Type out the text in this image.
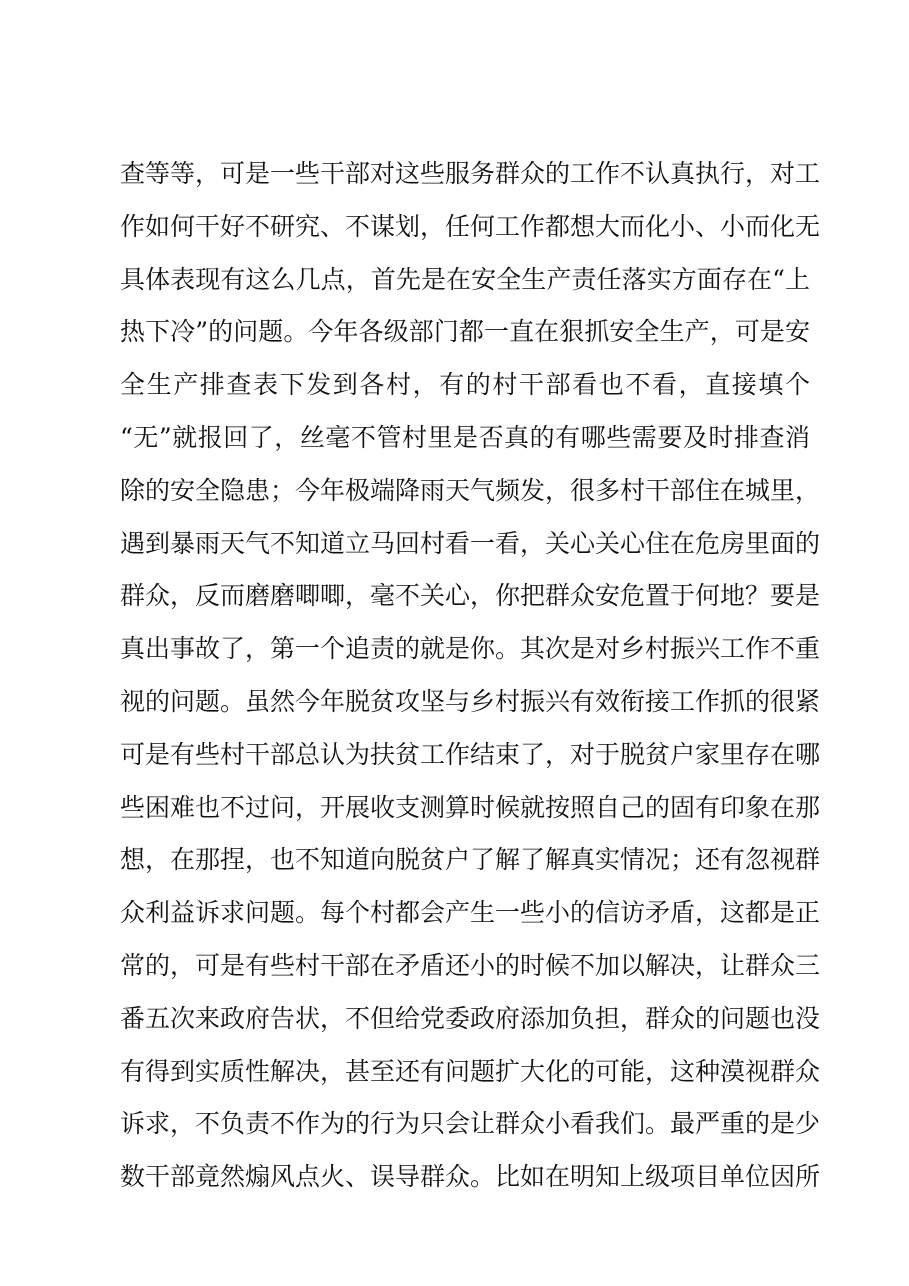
查等等，可是一些干部对这些服务群众的工作不认真执行，对工
作如何干好不研究、不谋划，任何工作都想大而化小、小而化无
具体表现有这么几点，首先是在安全生产责任落实方面存在“上
热下冷”的问题。今年各级部门都一直在狠抓安全生产，可是安
全生产排查表下发到各村，有的村干部看也不看，直接填个
“无”就报回了，丝毫不管村里是否真的有哪些需要及时排查消
除的安全隐患；今年极端降雨天气频发，很多村干部住在城里，
遇到暴雨天气不知道立马回村看一看，关心关心住在危房里面的
群众，反而磨磨唧唧，毫不关心，你把群众安危置于何地？要是
真出事故了，第一个追责的就是你。其次是对乡村振兴工作不重
视的问题。虽然今年脱贫攻坚与乡村振兴有效衔接工作抓的很紧
可是有些村干部总认为扶贫工作结束了，对于脱贫户家里存在哪
些困难也不过问，开展收支测算时候就按照自己的固有印象在那
想，在那捏，也不知道向脱贫户了解了解真实情况；还有忽视群
众利益诉求问题。每个村都会产生一些小的信访矛盾，这都是正
常的，可是有些村干部在矛盾还小的时候不加以解决，让群众三
番五次来政府告状，不但给党委政府添加负担，群众的问题也没
有得到实质性解决，甚至还有问题扩大化的可能，这种漠视群众
诉求，不负责不作为的行为只会让群众小看我们。最严重的是少
数干部竟然煽风点火、误导群众。比如在明知上级项目单位因所
